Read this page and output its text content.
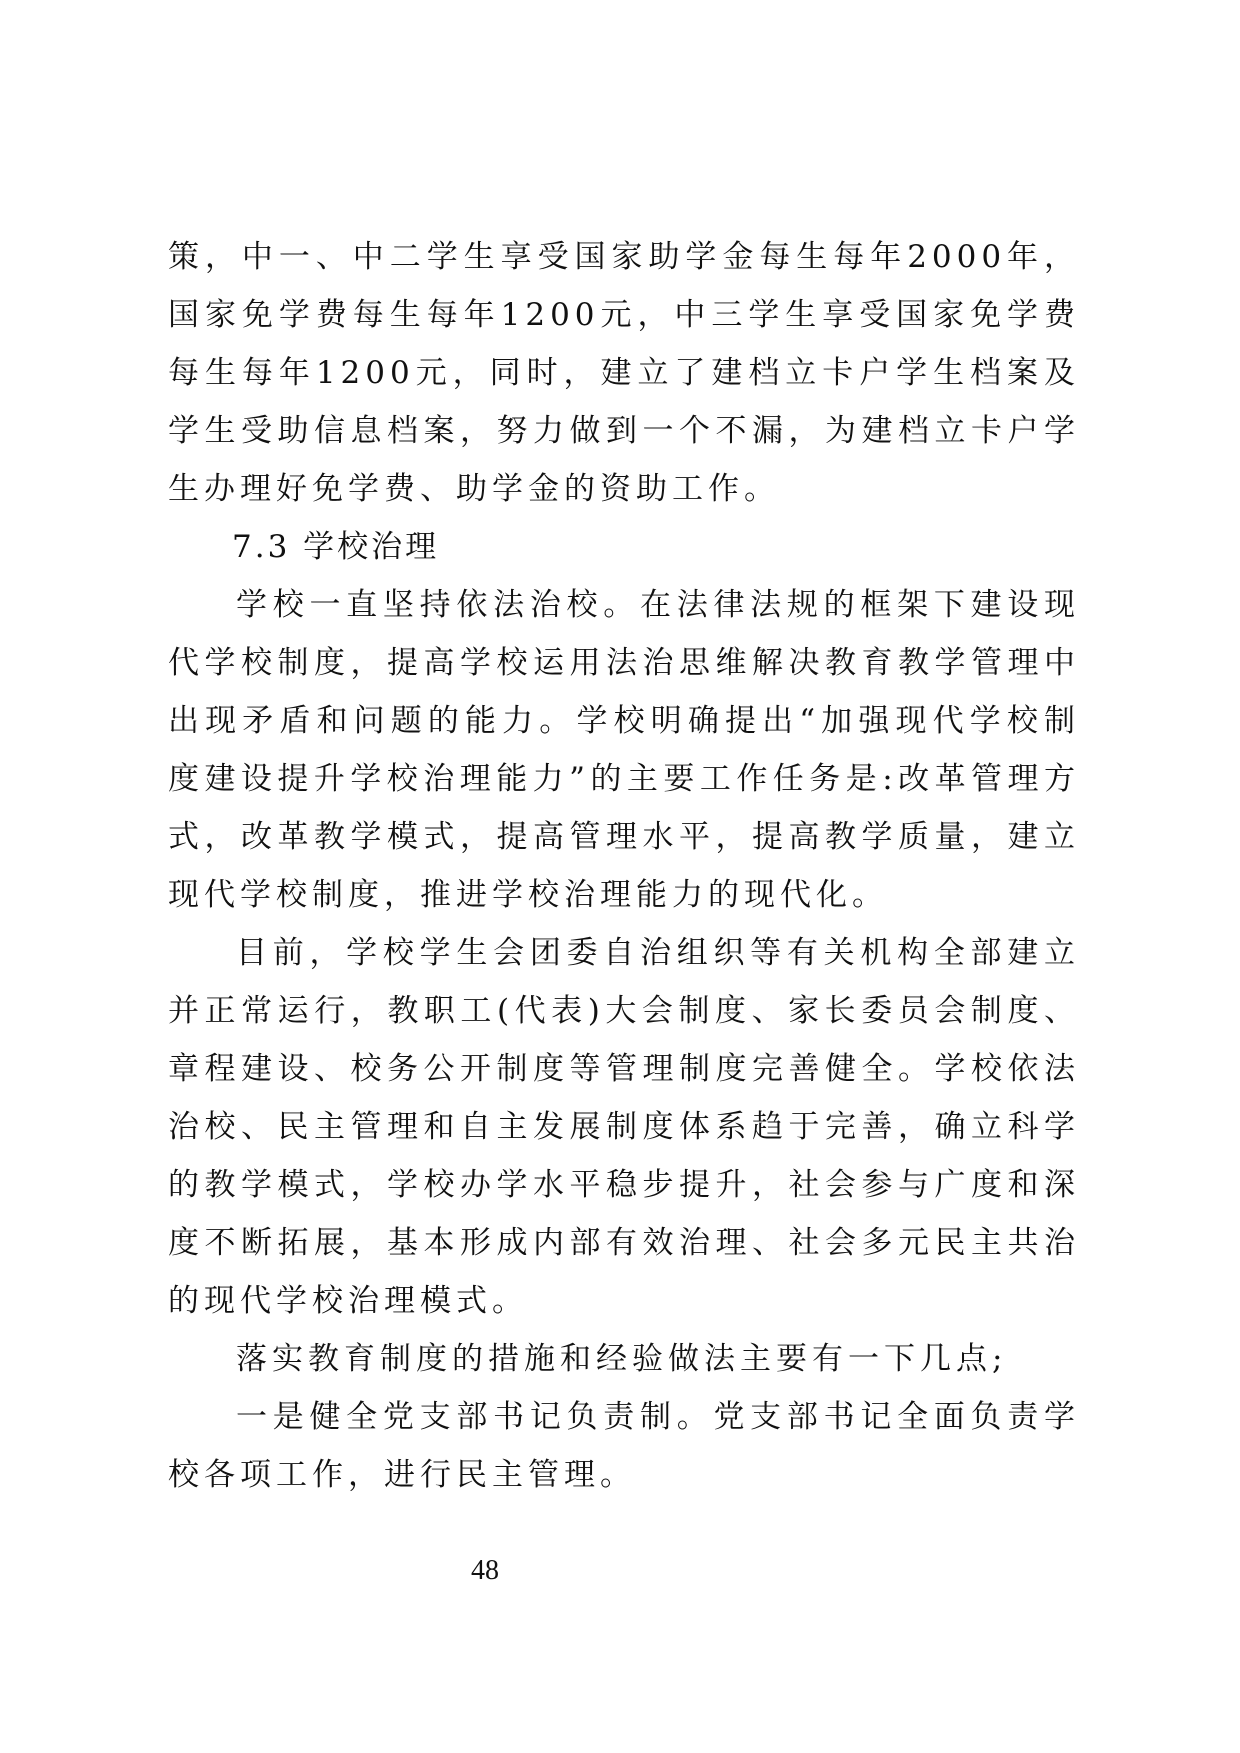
策，中一、中二学生享受国家助学金每生每年2000年，国家免学费每生每年1200元，中三学生享受国家免学费每生每年1200元，同时，建立了建档立卡户学生档案及学生受助信息档案，努力做到一个不漏，为建档立卡户学生办理好免学费、助学金的资助工作。

7.3 学校治理

学校一直坚持依法治校。在法律法规的框架下建设现代学校制度，提高学校运用法治思维解决教育教学管理中出现矛盾和问题的能力。学校明确提出“加强现代学校制度建设提升学校治理能力”的主要工作任务是:改革管理方式，改革教学模式，提高管理水平，提高教学质量，建立现代学校制度，推进学校治理能力的现代化。

目前，学校学生会团委自治组织等有关机构全部建立并正常运行，教职工(代表)大会制度、家长委员会制度、章程建设、校务公开制度等管理制度完善健全。学校依法治校、民主管理和自主发展制度体系趋于完善，确立科学的教学模式，学校办学水平稳步提升，社会参与广度和深度不断拓展，基本形成内部有效治理、社会多元民主共治的现代学校治理模式。

落实教育制度的措施和经验做法主要有一下几点;

一是健全党支部书记负责制。党支部书记全面负责学校各项工作，进行民主管理。

48
